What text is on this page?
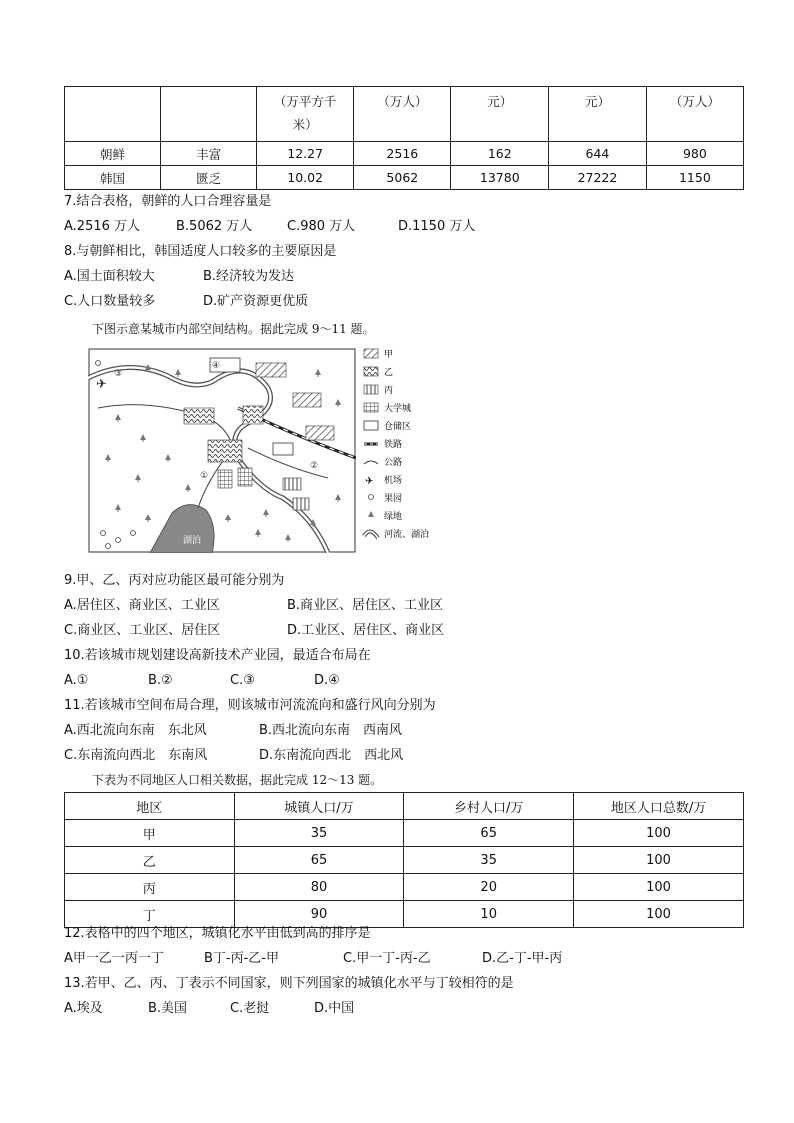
		（万平方千米）	（万人）	元）	元）	（万人）
朝鲜	丰富	12.27	2516	162	644	980
韩国	匮乏	10.02	5062	13780	27222	1150
7.结合表格，朝鲜的人口合理容量是
A.2516 万人	B.5062 万人	C.980 万人	D.1150 万人
8.与朝鲜相比，韩国适度人口较多的主要原因是
A.国土面积较大	B.经济较为发达
C.人口数量较多	D.矿产资源更优质
下图示意某城市内部空间结构。据此完成 9～11 题。
湖泊
✈
①
②
③
④
甲
乙
丙
大学城
仓储区
铁路
公路
✈ 机场
果园
绿地
河流、湖泊
9.甲、乙、丙对应功能区最可能分别为
A.居住区、商业区、工业区	B.商业区、居住区、工业区
C.商业区、工业区、居住区	D.工业区、居住区、商业区
10.若该城市规划建设高新技术产业园，最适合布局在
A.①	B.②	C.③	D.④
11.若该城市空间布局合理，则该城市河流流向和盛行风向分别为
A.西北流向东南　东北风	B.西北流向东南　西南风
C.东南流向西北　东南风	D.东南流向西北　西北风
下表为不同地区人口相关数据，据此完成 12～13 题。
地区	城镇人口/万	乡村人口/万	地区人口总数/万
甲	35	65	100
乙	65	35	100
丙	80	20	100
丁	90	10	100
12.表格中的四个地区，城镇化水平由低到高的排序是
A甲一乙一丙一丁	B丁-丙-乙-甲	C.甲一丁-丙-乙	D.乙-丁-甲-丙
13.若甲、乙、丙、丁表示不同国家，则下列国家的城镇化水平与丁较相符的是
A.埃及	B.美国	C.老挝	D.中国
